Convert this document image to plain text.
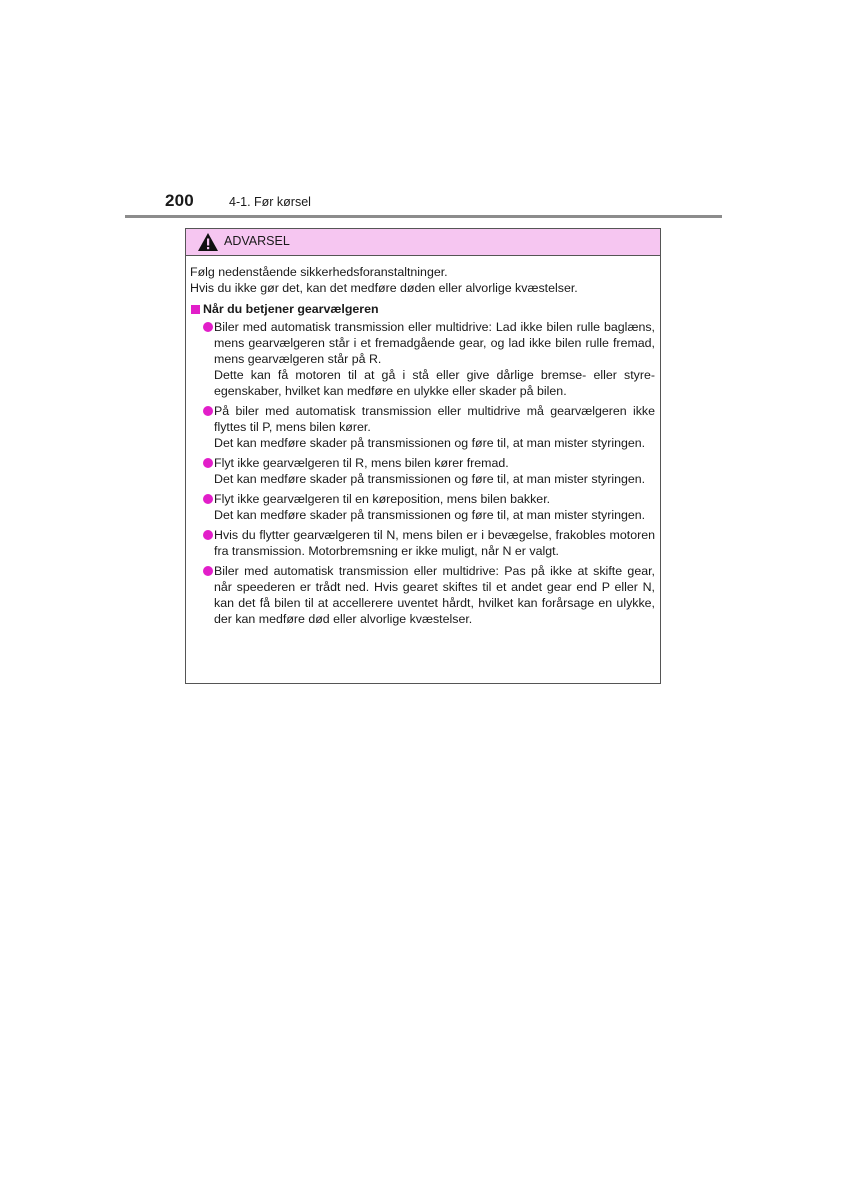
200	4-1. Før kørsel
ADVARSEL

Følg nedenstående sikkerhedsforanstaltninger.

Hvis du ikke gør det, kan det medføre døden eller alvorlige kvæstelser.

Når du betjener gearvælgeren

Biler med automatisk transmission eller multidrive: Lad ikke bilen rulle baglæns, mens gearvælgeren står i et fremadgående gear, og lad ikke bilen rulle fremad, mens gearvælgeren står på R.

Dette kan få motoren til at gå i stå eller give dårlige bremse- eller styre-egenskaber, hvilket kan medføre en ulykke eller skader på bilen.

På biler med automatisk transmission eller multidrive må gearvælgeren ikke flyttes til P, mens bilen kører.

Det kan medføre skader på transmissionen og føre til, at man mister styringen.

Flyt ikke gearvælgeren til R, mens bilen kører fremad.

Det kan medføre skader på transmissionen og føre til, at man mister styringen.

Flyt ikke gearvælgeren til en køreposition, mens bilen bakker.

Det kan medføre skader på transmissionen og føre til, at man mister styringen.

Hvis du flytter gearvælgeren til N, mens bilen er i bevægelse, frakobles motoren fra transmission. Motorbremsning er ikke muligt, når N er valgt.

Biler med automatisk transmission eller multidrive: Pas på ikke at skifte gear, når speederen er trådt ned. Hvis gearet skiftes til et andet gear end P eller N, kan det få bilen til at accellerere uventet hårdt, hvilket kan forårsage en ulykke, der kan medføre død eller alvorlige kvæstelser.
